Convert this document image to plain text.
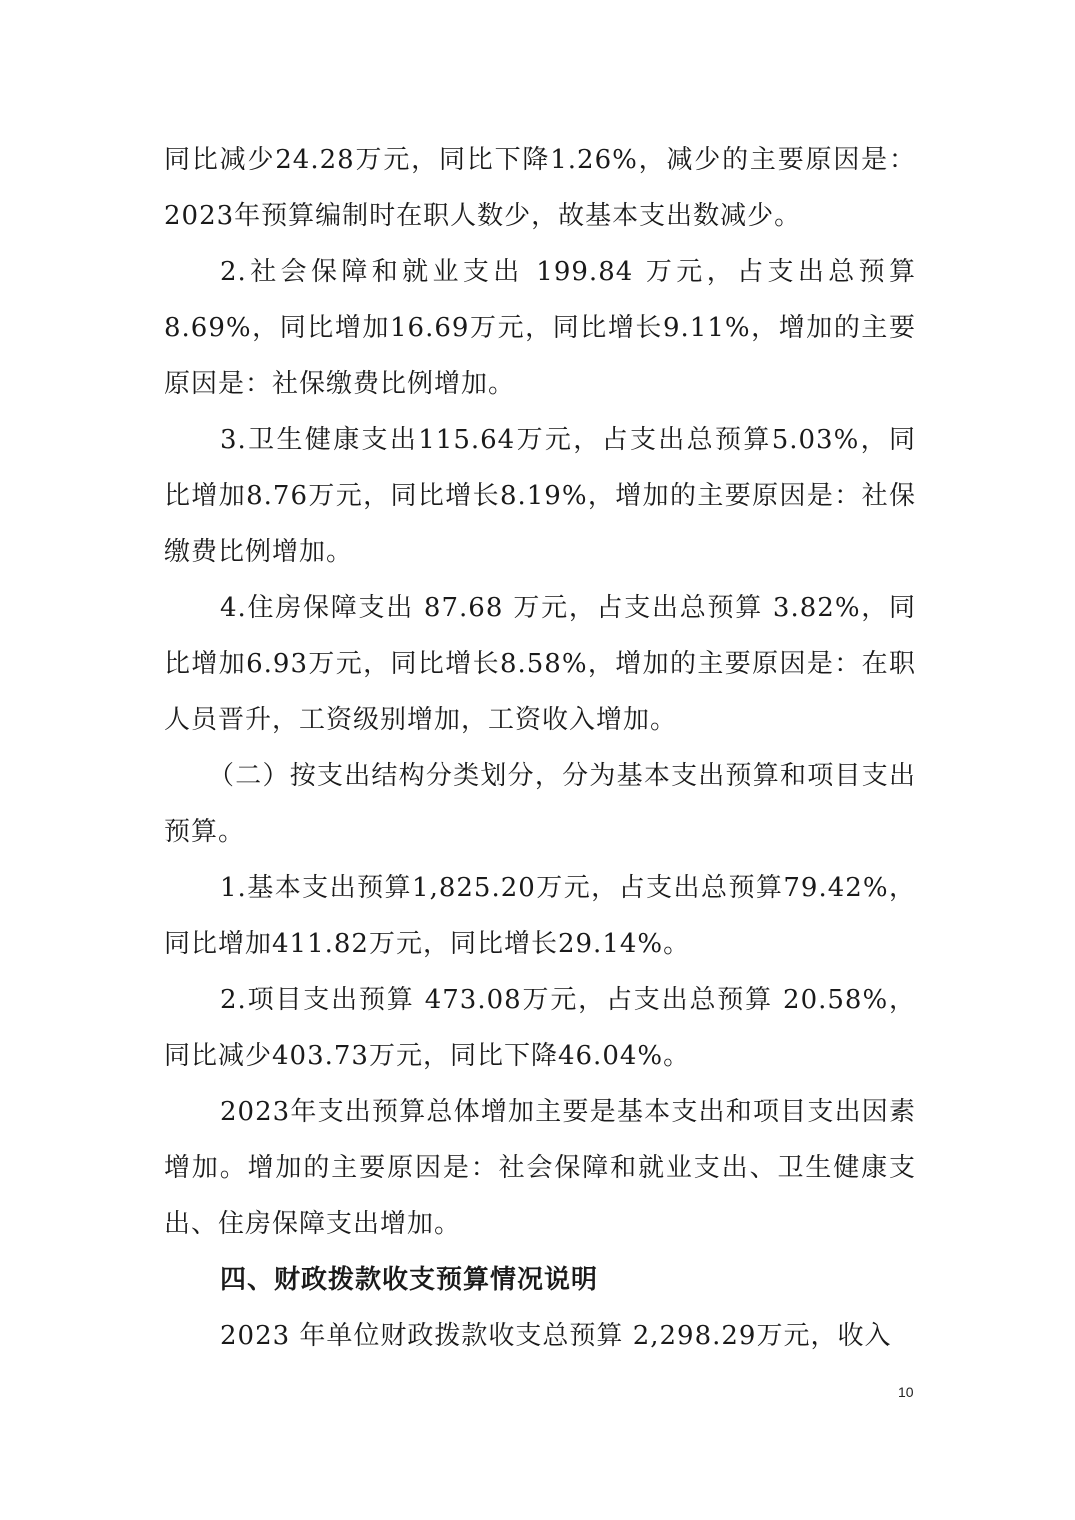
同比减少24.28万元，同比下降1.26%，减少的主要原因是：2023年预算编制时在职人数少，故基本支出数减少。

2.社会保障和就业支出 199.84 万元，占支出总预算8.69%，同比增加16.69万元，同比增长9.11%，增加的主要原因是：社保缴费比例增加。

3.卫生健康支出115.64万元，占支出总预算5.03%，同比增加8.76万元，同比增长8.19%，增加的主要原因是：社保缴费比例增加。

4.住房保障支出 87.68 万元，占支出总预算 3.82%，同比增加6.93万元，同比增长8.58%，增加的主要原因是：在职人员晋升，工资级别增加，工资收入增加。

（二）按支出结构分类划分，分为基本支出预算和项目支出预算。

1.基本支出预算1,825.20万元，占支出总预算79.42%，同比增加411.82万元，同比增长29.14%。

2.项目支出预算 473.08万元，占支出总预算 20.58%，同比减少403.73万元，同比下降46.04%。

2023年支出预算总体增加主要是基本支出和项目支出因素增加。增加的主要原因是：社会保障和就业支出、卫生健康支出、住房保障支出增加。

四、财政拨款收支预算情况说明

2023 年单位财政拨款收支总预算 2,298.29万元，收入

10
